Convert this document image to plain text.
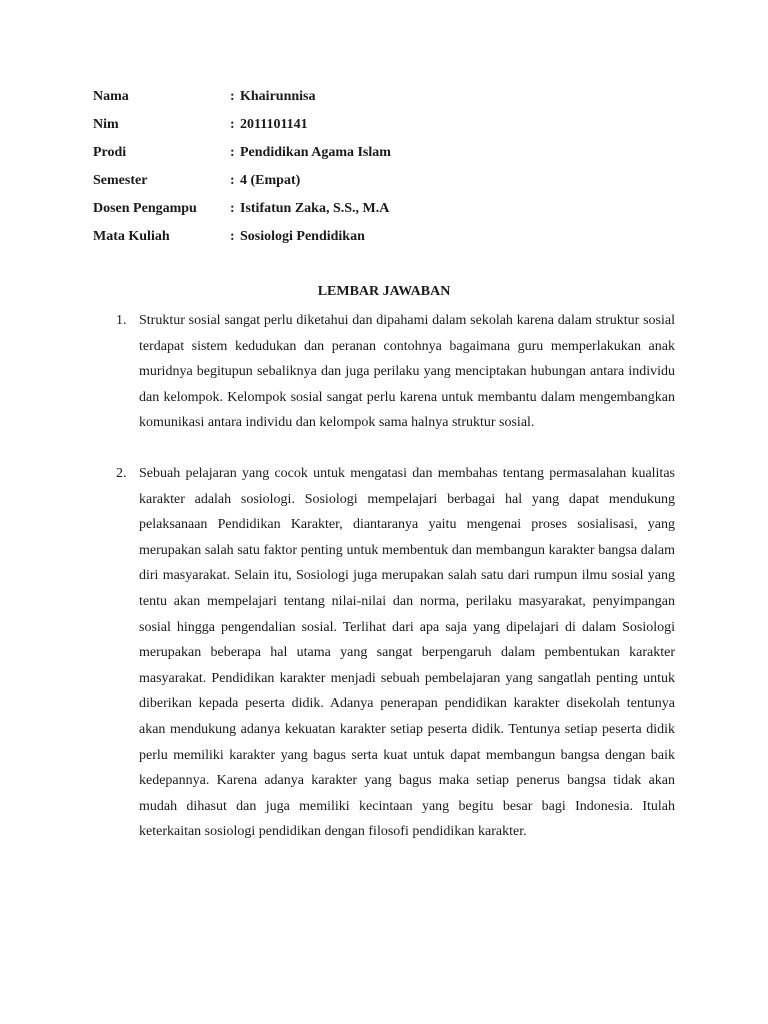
Nama	: Khairunnisa
Nim	: 2011101141
Prodi	: Pendidikan Agama Islam
Semester	: 4 (Empat)
Dosen Pengampu	: Istifatun Zaka, S.S., M.A
Mata Kuliah	: Sosiologi Pendidikan
LEMBAR JAWABAN
1. Struktur sosial sangat perlu diketahui dan dipahami dalam sekolah karena dalam struktur sosial terdapat sistem kedudukan dan peranan contohnya bagaimana guru memperlakukan anak muridnya begitupun sebaliknya dan juga perilaku yang menciptakan hubungan antara individu dan kelompok. Kelompok sosial sangat perlu karena untuk membantu dalam mengembangkan komunikasi antara individu dan kelompok sama halnya struktur sosial.

2. Sebuah pelajaran yang cocok untuk mengatasi dan membahas tentang permasalahan kualitas karakter adalah sosiologi. Sosiologi mempelajari berbagai hal yang dapat mendukung pelaksanaan Pendidikan Karakter, diantaranya yaitu mengenai proses sosialisasi, yang merupakan salah satu faktor penting untuk membentuk dan membangun karakter bangsa dalam diri masyarakat. Selain itu, Sosiologi juga merupakan salah satu dari rumpun ilmu sosial yang tentu akan mempelajari tentang nilai-nilai dan norma, perilaku masyarakat, penyimpangan sosial hingga pengendalian sosial. Terlihat dari apa saja yang dipelajari di dalam Sosiologi merupakan beberapa hal utama yang sangat berpengaruh dalam pembentukan karakter masyarakat. Pendidikan karakter menjadi sebuah pembelajaran yang sangatlah penting untuk diberikan kepada peserta didik. Adanya penerapan pendidikan karakter disekolah tentunya akan mendukung adanya kekuatan karakter setiap peserta didik. Tentunya setiap peserta didik perlu memiliki karakter yang bagus serta kuat untuk dapat membangun bangsa dengan baik kedepannya. Karena adanya karakter yang bagus maka setiap penerus bangsa tidak akan mudah dihasut dan juga memiliki kecintaan yang begitu besar bagi Indonesia. Itulah keterkaitan sosiologi pendidikan dengan filosofi pendidikan karakter.
